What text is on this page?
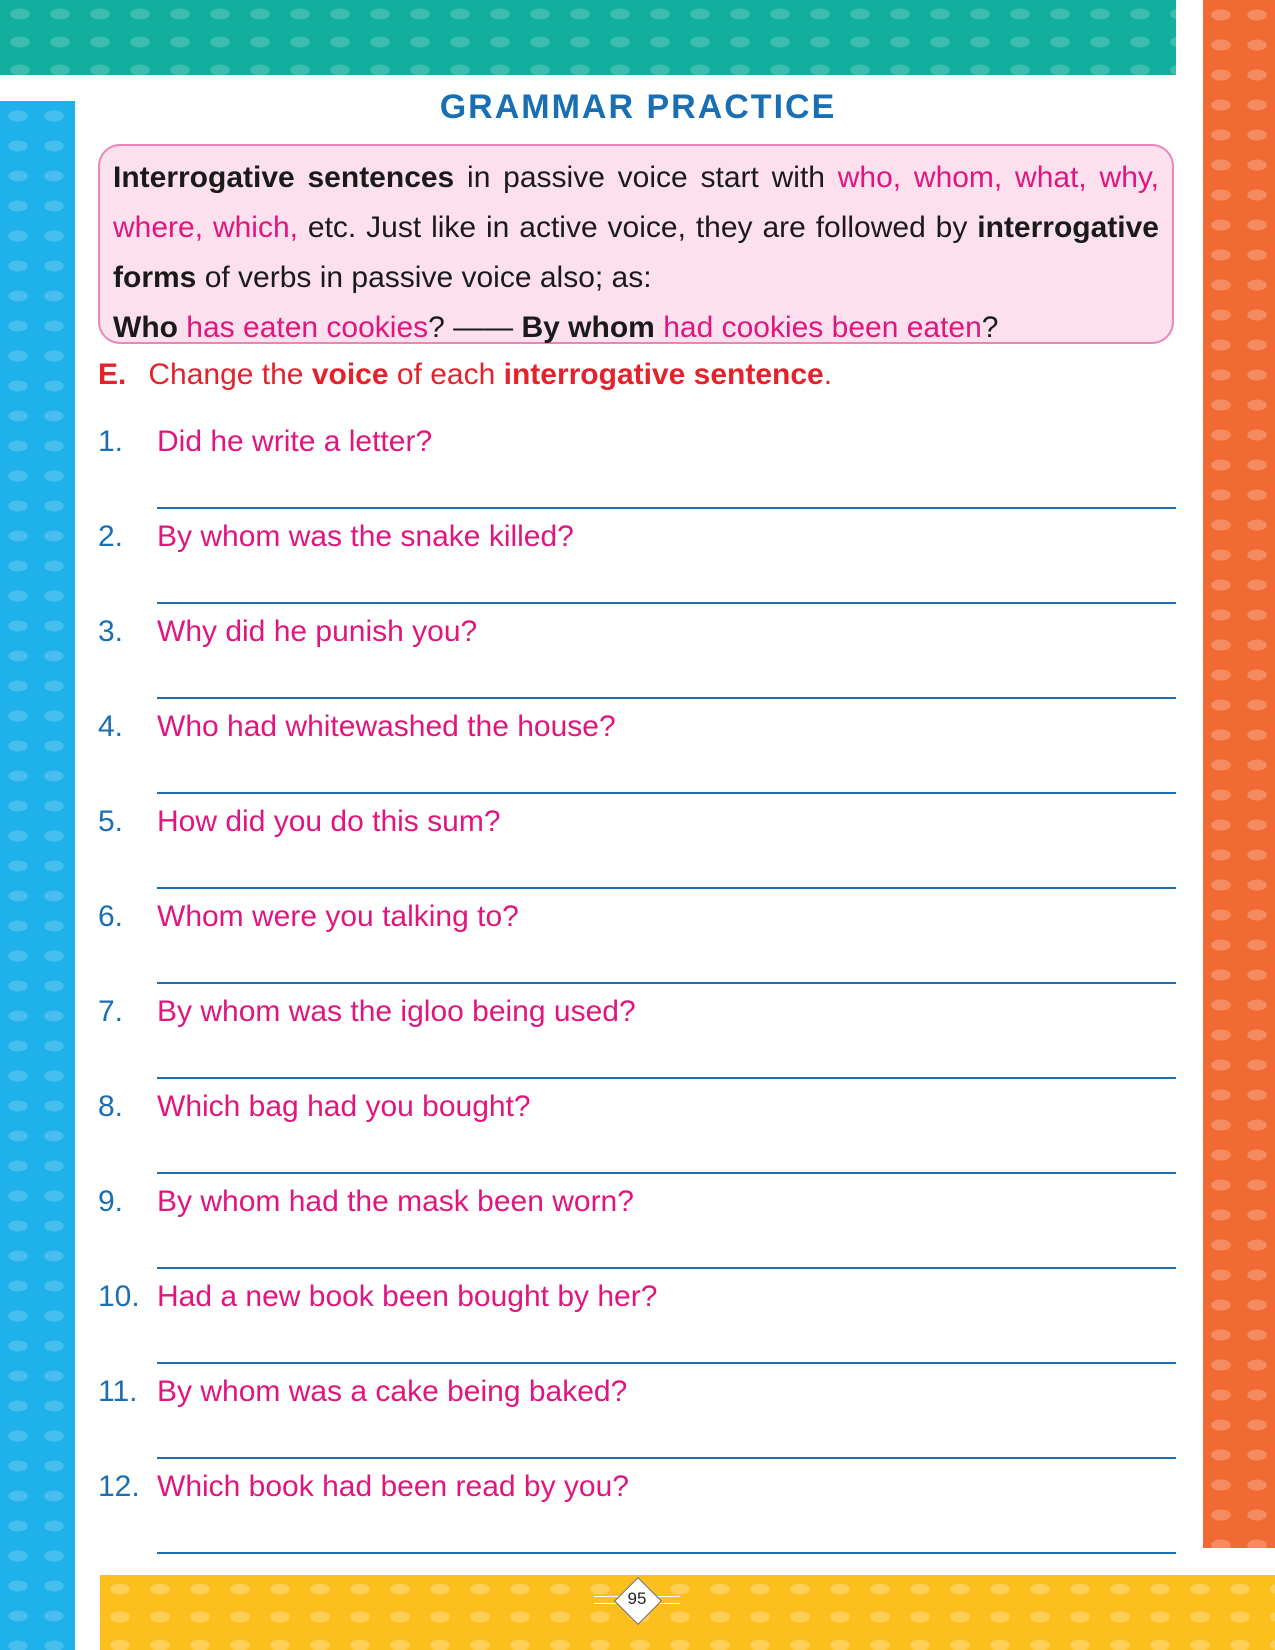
GRAMMAR PRACTICE

Interrogative sentences in passive voice start with who, whom, what, why, where, which, etc. Just like in active voice, they are followed by interrogative forms of verbs in passive voice also; as:

Who has eaten cookies? —— By whom had cookies been eaten?

E. Change the voice of each interrogative sentence.
1. Did he write a letter?
2. By whom was the snake killed?
3. Why did he punish you?
4. Who had whitewashed the house?
5. How did you do this sum?
6. Whom were you talking to?
7. By whom was the igloo being used?
8. Which bag had you bought?
9. By whom had the mask been worn?
10. Had a new book been bought by her?
11. By whom was a cake being baked?
12. Which book had been read by you?
95
